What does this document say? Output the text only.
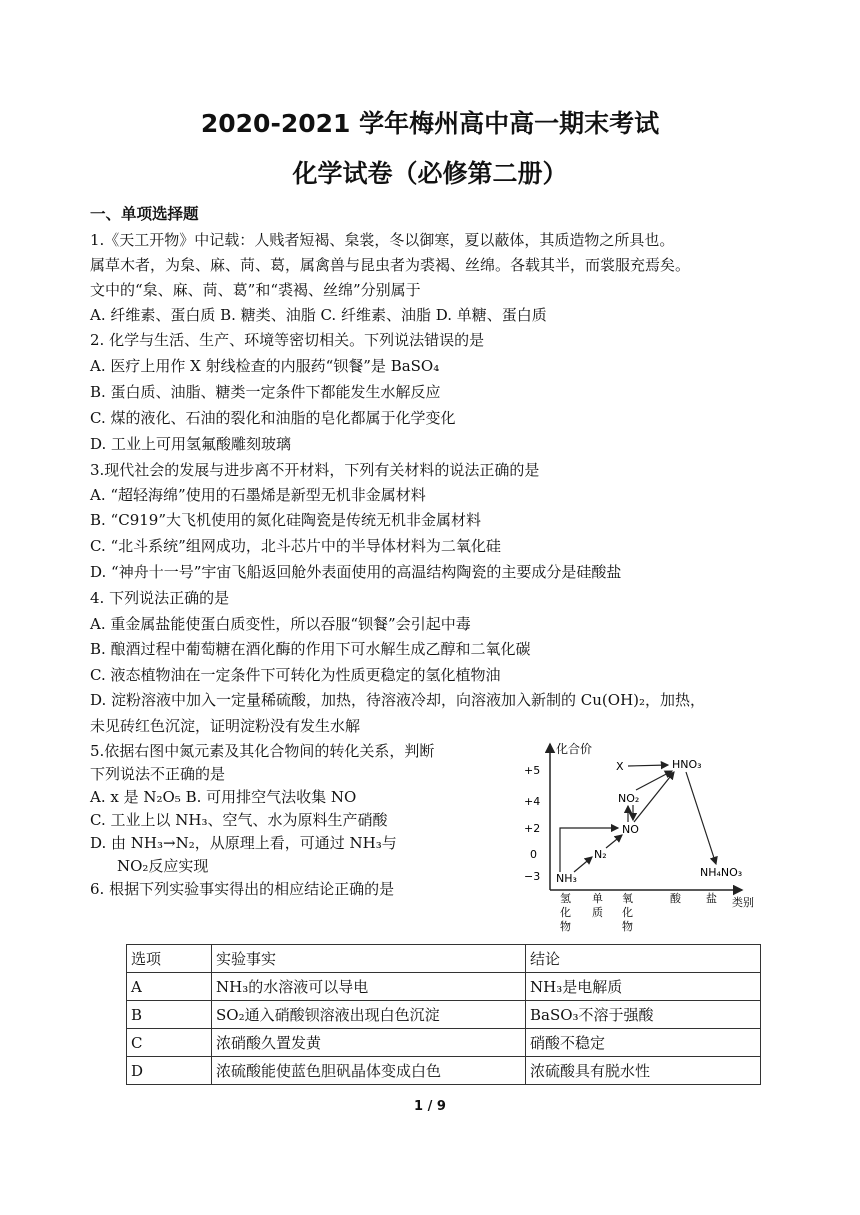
2020-2021 学年梅州高中高一期末考试
化学试卷（必修第二册）
一、单项选择题
1.《天工开物》中记载：人贱者短褐、枲裳，冬以御寒，夏以蔽体，其质造物之所具也。
属草木者，为枲、麻、苘、葛，属禽兽与昆虫者为裘褐、丝绵。各载其半，而裳服充焉矣。
文中的“枲、麻、苘、葛”和“裘褐、丝绵”分别属于
A. 纤维素、蛋白质 B. 糖类、油脂 C. 纤维素、油脂 D. 单糖、蛋白质
2. 化学与生活、生产、环境等密切相关。下列说法错误的是
A. 医疗上用作 X 射线检查的内服药“钡餐”是 BaSO₄
B. 蛋白质、油脂、糖类一定条件下都能发生水解反应
C. 煤的液化、石油的裂化和油脂的皂化都属于化学变化
D. 工业上可用氢氟酸雕刻玻璃
3.现代社会的发展与进步离不开材料，下列有关材料的说法正确的是
A. “超轻海绵”使用的石墨烯是新型无机非金属材料
B. “C919”大飞机使用的氮化硅陶瓷是传统无机非金属材料
C. “北斗系统”组网成功，北斗芯片中的半导体材料为二氧化硅
D. “神舟十一号”宇宙飞船返回舱外表面使用的高温结构陶瓷的主要成分是硅酸盐
4. 下列说法正确的是
A. 重金属盐能使蛋白质变性，所以吞服“钡餐”会引起中毒
B. 酿酒过程中葡萄糖在酒化酶的作用下可水解生成乙醇和二氧化碳
C. 液态植物油在一定条件下可转化为性质更稳定的氢化植物油
D. 淀粉溶液中加入一定量稀硫酸，加热，待溶液冷却，向溶液加入新制的 Cu(OH)₂，加热，
未见砖红色沉淀，证明淀粉没有发生水解
5.依据右图中氮元素及其化合物间的转化关系，判断
下列说法不正确的是
A. x 是 N₂O₅ B. 可用排空气法收集 NO
C. 工业上以 NH₃、空气、水为原料生产硝酸
D. 由 NH₃→N₂，从原理上看，可通过 NH₃与
NO₂反应实现
6. 根据下列实验事实得出的相应结论正确的是
化合价
类别
+5
+4
+2
0
−3
氢
化
物
单
质
氧
化
物
酸 盐
X	HNO₃
NO₂
NO
N₂
NH₃	NH₄NO₃
选项	实验事实	结论
A	NH₃的水溶液可以导电	NH₃是电解质
B	SO₂通入硝酸钡溶液出现白色沉淀	BaSO₃不溶于强酸
C	浓硝酸久置发黄	硝酸不稳定
D	浓硫酸能使蓝色胆矾晶体变成白色	浓硫酸具有脱水性
1 / 9
